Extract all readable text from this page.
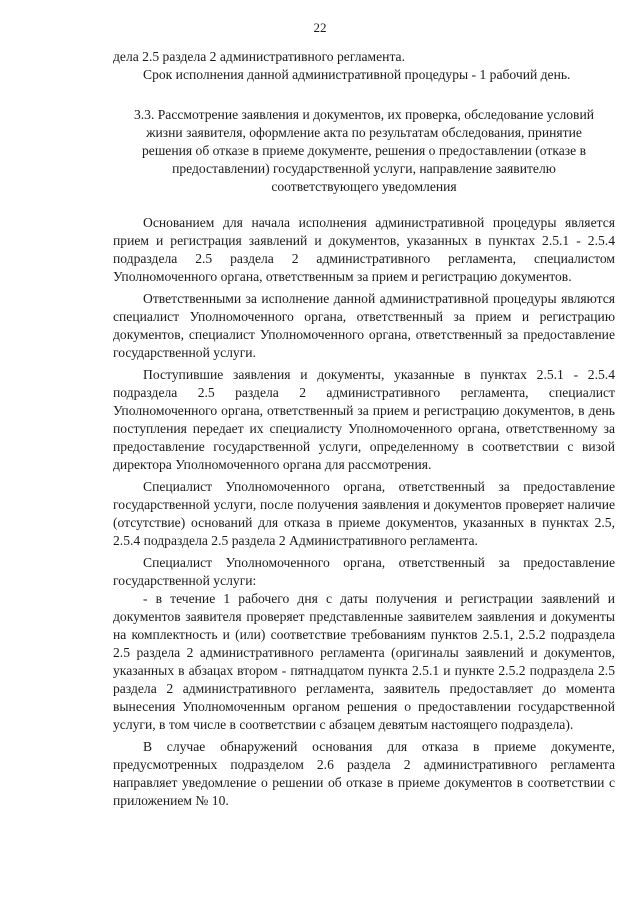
22

дела 2.5 раздела 2 административного регламента.

Срок исполнения данной административной процедуры - 1 рабочий день.

3.3. Рассмотрение заявления и документов, их проверка, обследование условий жизни заявителя, оформление акта по результатам обследования, принятие решения об отказе в приеме документе, решения о предоставлении (отказе в предоставлении) государственной услуги, направление заявителю соответствующего уведомления

Основанием для начала исполнения административной процедуры является прием и регистрация заявлений и документов, указанных в пунктах 2.5.1 - 2.5.4 подраздела 2.5 раздела 2 административного регламента, специалистом Уполномоченного органа, ответственным за прием и регистрацию документов.

Ответственными за исполнение данной административной процедуры являются специалист Уполномоченного органа, ответственный за прием и регистрацию документов, специалист Уполномоченного органа, ответственный за предоставление государственной услуги.

Поступившие заявления и документы, указанные в пунктах 2.5.1 - 2.5.4 подраздела 2.5 раздела 2 административного регламента, специалист Уполномоченного органа, ответственный за прием и регистрацию документов, в день поступления передает их специалисту Уполномоченного органа, ответственному за предоставление государственной услуги, определенному в соответствии с визой директора Уполномоченного органа для рассмотрения.

Специалист Уполномоченного органа, ответственный за предоставление государственной услуги, после получения заявления и документов проверяет наличие (отсутствие) оснований для отказа в приеме документов, указанных в пунктах 2.5, 2.5.4 подраздела 2.5 раздела 2 Административного регламента.

Специалист Уполномоченного органа, ответственный за предоставление государственной услуги:

- в течение 1 рабочего дня с даты получения и регистрации заявлений и документов заявителя проверяет представленные заявителем заявления и документы на комплектность и (или) соответствие требованиям пунктов 2.5.1, 2.5.2 подраздела 2.5 раздела 2 административного регламента (оригиналы заявлений и документов, указанных в абзацах втором - пятнадцатом пункта 2.5.1 и пункте 2.5.2 подраздела 2.5 раздела 2 административного регламента, заявитель предоставляет до момента вынесения Уполномоченным органом решения о предоставлении государственной услуги, в том числе в соответствии с абзацем девятым настоящего подраздела).

В случае обнаружений основания для отказа в приеме документе, предусмотренных подразделом 2.6 раздела 2 административного регламента направляет уведомление о решении об отказе в приеме документов в соответствии с приложением № 10.
